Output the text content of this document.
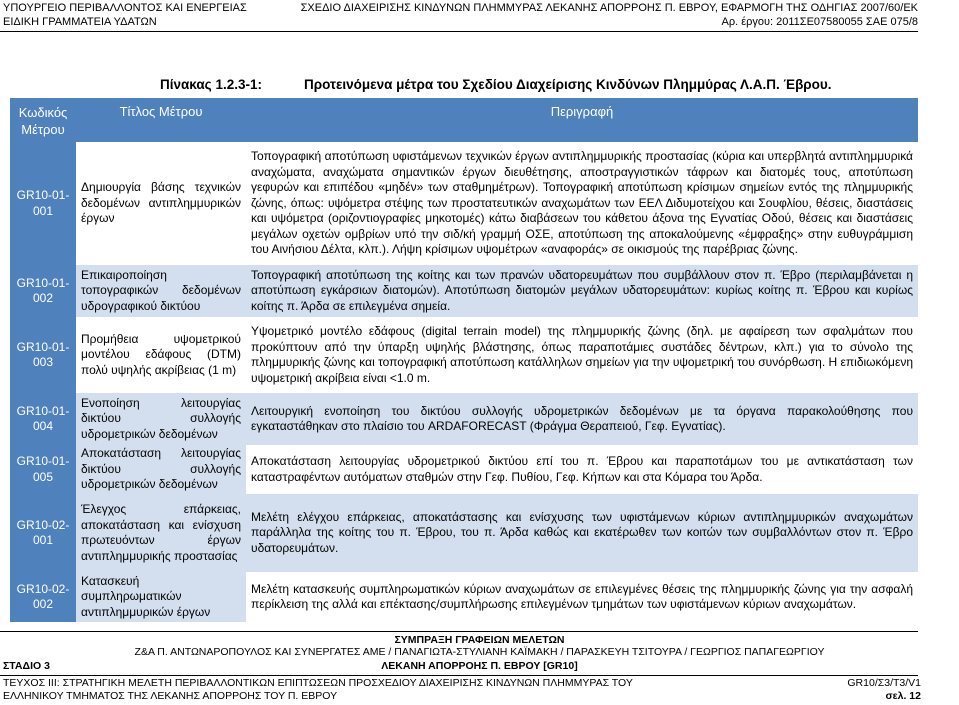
ΥΠΟΥΡΓΕΙΟ ΠΕΡΙΒΑΛΛΟΝΤΟΣ ΚΑΙ ΕΝΕΡΓΕΙΑΣ	ΣΧΕΔΙΟ ΔΙΑΧΕΙΡΙΣΗΣ ΚΙΝΔΥΝΩΝ ΠΛΗΜΜΥΡΑΣ ΛΕΚΑΝΗΣ ΑΠΟΡΡΟΗΣ Π. ΕΒΡΟΥ, ΕΦΑΡΜΟΓΗ ΤΗΣ ΟΔΗΓΙΑΣ 2007/60/ΕΚ
ΕΙΔΙΚΗ ΓΡΑΜΜΑΤΕΙΑ ΥΔΑΤΩΝ	Αρ. έργου: 2011ΣΕ07580055 ΣΑΕ 075/8
Πίνακας 1.2.3-1:	Προτεινόμενα μέτρα του Σχεδίου Διαχείρισης Κινδύνων Πλημμύρας Λ.Α.Π. Έβρου.
Κωδικός Μέτρου	Τίτλος Μέτρου	Περιγραφή
GR10-01-001	Δημιουργία βάσης τεχνικών δεδομένων αντιπλημμυρικών έργων	Τοπογραφική αποτύπωση υφιστάμενων τεχνικών έργων αντιπλημμυρικής προστασίας (κύρια και υπερβλητά αντιπλημμυρικά αναχώματα, αναχώματα σημαντικών έργων διευθέτησης, αποστραγγιστικών τάφρων και διατομές τους, αποτύπωση γεφυρών και επιπέδου «μηδέν» των σταθμημέτρων). Τοπογραφική αποτύπωση κρίσιμων σημείων εντός της πλημμυρικής ζώνης, όπως: υψόμετρα στέψης των προστατευτικών αναχωμάτων των ΕΕΛ Διδυμοτείχου και Σουφλίου, θέσεις, διαστάσεις και υψόμετρα (οριζοντιογραφίες μηκοτομές) κάτω διαβάσεων του κάθετου άξονα της Εγνατίας Οδού, θέσεις και διαστάσεις μεγάλων οχετών ομβρίων υπό την σιδ/κή γραμμή ΟΣΕ, αποτύπωση της αποκαλούμενης «έμφραξης» στην ευθυγράμμιση του Αινήσιου Δέλτα, κλπ.). Λήψη κρίσιμων υψομέτρων «αναφοράς» σε οικισμούς της παρέβριας ζώνης.
GR10-01-002	Επικαιροποίηση τοπογραφικών δεδομένων υδρογραφικού δικτύου	Τοπογραφική αποτύπωση της κοίτης και των πρανών υδατορευμάτων που συμβάλλουν στον π. Έβρο (περιλαμβάνεται η αποτύπωση εγκάρσιων διατομών). Αποτύπωση διατομών μεγάλων υδατορευμάτων: κυρίως κοίτης π. Έβρου και κυρίως κοίτης π. Άρδα σε επιλεγμένα σημεία.
GR10-01-003	Προμήθεια υψομετρικού μοντέλου εδάφους (DTM) πολύ υψηλής ακρίβειας (1 m)	Υψομετρικό μοντέλο εδάφους (digital terrain model) της πλημμυρικής ζώνης (δηλ. με αφαίρεση των σφαλμάτων που προκύπτουν από την ύπαρξη υψηλής βλάστησης, όπως παραποτάμιες συστάδες δέντρων, κλπ.) για το σύνολο της πλημμυρικής ζώνης και τοπογραφική αποτύπωση κατάλληλων σημείων για την υψομετρική του συνόρθωση. Η επιδιωκόμενη υψομετρική ακρίβεια είναι <1.0 m.
GR10-01-004	Ενοποίηση λειτουργίας δικτύου συλλογής υδρομετρικών δεδομένων	Λειτουργική ενοποίηση του δικτύου συλλογής υδρομετρικών δεδομένων με τα όργανα παρακολούθησης που εγκαταστάθηκαν στο πλαίσιο του ARDAFORECAST (Φράγμα Θεραπειού, Γεφ. Εγνατίας).
GR10-01-005	Αποκατάσταση λειτουργίας δικτύου συλλογής υδρομετρικών δεδομένων	Αποκατάσταση λειτουργίας υδρομετρικού δικτύου επί του π. Έβρου και παραποτάμων του με αντικατάσταση των καταστραφέντων αυτόματων σταθμών στην Γεφ. Πυθίου, Γεφ. Κήπων και στα Κόμαρα του Άρδα.
GR10-02-001	Έλεγχος επάρκειας, αποκατάσταση και ενίσχυση πρωτευόντων έργων αντιπλημμυρικής προστασίας	Μελέτη ελέγχου επάρκειας, αποκατάστασης και ενίσχυσης των υφιστάμενων κύριων αντιπλημμυρικών αναχωμάτων παράλληλα της κοίτης του π. Έβρου, του π. Άρδα καθώς και εκατέρωθεν των κοιτών των συμβαλλόντων στον π. Έβρο υδατορευμάτων.
GR10-02-002	Κατασκευή συμπληρωματικών αντιπλημμυρικών έργων	Μελέτη κατασκευής συμπληρωματικών κύριων αναχωμάτων σε επιλεγμένες θέσεις της πλημμυρικής ζώνης για την ασφαλή περίκλειση της αλλά και επέκτασης/συμπλήρωσης επιλεγμένων τμημάτων των υφιστάμενων κύριων αναχωμάτων.
ΣΥΜΠΡΑΞΗ ΓΡΑΦΕΙΩΝ ΜΕΛΕΤΩΝ
Ζ&Α Π. ΑΝΤΩΝΑΡΟΠΟΥΛΟΣ ΚΑΙ ΣΥΝΕΡΓΑΤΕΣ ΑΜΕ / ΠΑΝΑΓΙΩΤΑ-ΣΤΥΛΙΑΝΗ ΚΑΪΜΑΚΗ / ΠΑΡΑΣΚΕΥΗ ΤΣΙΤΟΥΡΑ / ΓΕΩΡΓΙΟΣ ΠΑΠΑΓΕΩΡΓΙΟΥ
ΣΤΑΔΙΟ 3	ΛΕΚΑΝΗ ΑΠΟΡΡΟΗΣ Π. ΕΒΡΟΥ [GR10]
ΤΕΥΧΟΣ ΙΙΙ: ΣΤΡΑΤΗΓΙΚΗ ΜΕΛΕΤΗ ΠΕΡΙΒΑΛΛΟΝΤΙΚΩΝ ΕΠΙΠΤΩΣΕΩΝ ΠΡΟΣΧΕΔΙΟΥ ΔΙΑΧΕΙΡΙΣΗΣ ΚΙΝΔΥΝΩΝ ΠΛΗΜΜΥΡΑΣ ΤΟΥ	GR10/Σ3/Τ3/V1
ΕΛΛΗΝΙΚΟΥ ΤΜΗΜΑΤΟΣ ΤΗΣ ΛΕΚΑΝΗΣ ΑΠΟΡΡΟΗΣ ΤΟΥ Π. ΕΒΡΟΥ	σελ. 12
